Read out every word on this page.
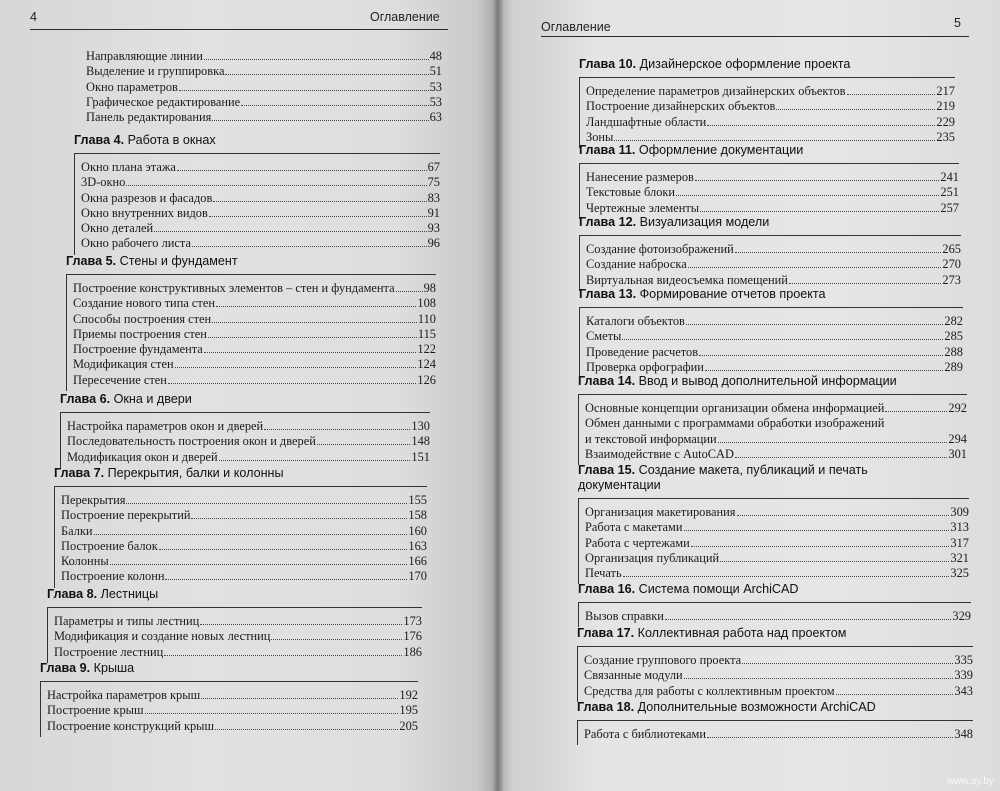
4	Оглавление
Направляющие линии	48
Выделение и группировка	51
Окно параметров	53
Графическое редактирование	53
Панель редактирования	63
Глава 4. Работа в окнах
Окно плана этажа	67
3D-окно	75
Окна разрезов и фасадов	83
Окно внутренних видов	91
Окно деталей	93
Окно рабочего листа	96
Глава 5. Стены и фундамент
Построение конструктивных элементов – стен и фундамента 98
Создание нового типа стен	108
Способы построения стен	110
Приемы построения стен	115
Построение фундамента	122
Модификация стен	124
Пересечение стен	126
Глава 6. Окна и двери
Настройка параметров окон и дверей	130
Последовательность построения окон и дверей	148
Модификация окон и дверей	151
Глава 7. Перекрытия, балки и колонны
Перекрытия	155
Построение перекрытий	158
Балки	160
Построение балок	163
Колонны	166
Построение колонн	170
Глава 8. Лестницы
Параметры и типы лестниц	173
Модификация и создание новых лестниц	176
Построение лестниц	186
Глава 9. Крыша
Настройка параметров крыш	192
Построение крыш	195
Построение конструкций крыш	205
Оглавление	5
Глава 10. Дизайнерское оформление проекта
Определение параметров дизайнерских объектов	217
Построение дизайнерских объектов	219
Ландшафтные области	229
Зоны	235
Глава 11. Оформление документации
Нанесение размеров	241
Текстовые блоки	251
Чертежные элементы	257
Глава 12. Визуализация модели
Создание фотоизображений	265
Создание наброска	270
Виртуальная видеосъемка помещений	273
Глава 13. Формирование отчетов проекта
Каталоги объектов	282
Сметы	285
Проведение расчетов	288
Проверка орфографии	289
Глава 14. Ввод и вывод дополнительной информации
Основные концепции организации обмена информацией	292
Обмен данными с программами обработки изображений
и текстовой информации	294
Взаимодействие с AutoCAD	301
Глава 15. Создание макета, публикаций и печать
документации
Организация макетирования	309
Работа с макетами	313
Работа с чертежами	317
Организация публикаций	321
Печать	325
Глава 16. Система помощи ArchiCAD
Вызов справки	329
Глава 17. Коллективная работа над проектом
Создание группового проекта	335
Связанные модули	339
Средства для работы с коллективным проектом	343
Глава 18. Дополнительные возможности ArchiCAD
Работа с библиотеками	348
www.ay.by
